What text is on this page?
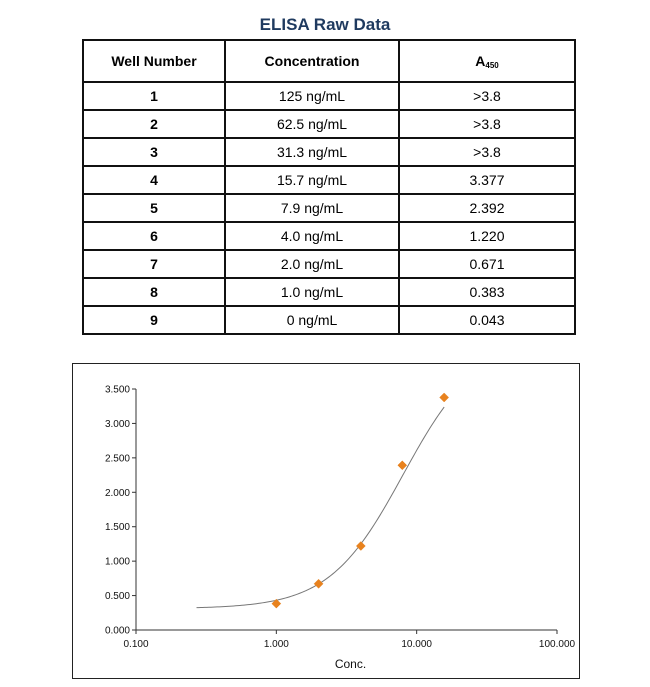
ELISA Raw Data
Well Number	Concentration	$A_{450}$
1	125 ng/mL	>3.8
2	62.5 ng/mL	>3.8
3	31.3 ng/mL	>3.8
4	15.7 ng/mL	3.377
5	7.9 ng/mL	2.392
6	4.0 ng/mL	1.220
7	2.0 ng/mL	0.671
8	1.0 ng/mL	0.383
9	0 ng/mL	0.043
0.000
0.500
1.000
1.500
2.000
2.500
3.000
3.500
0.100	1.000	10.000	100.000
Conc.
